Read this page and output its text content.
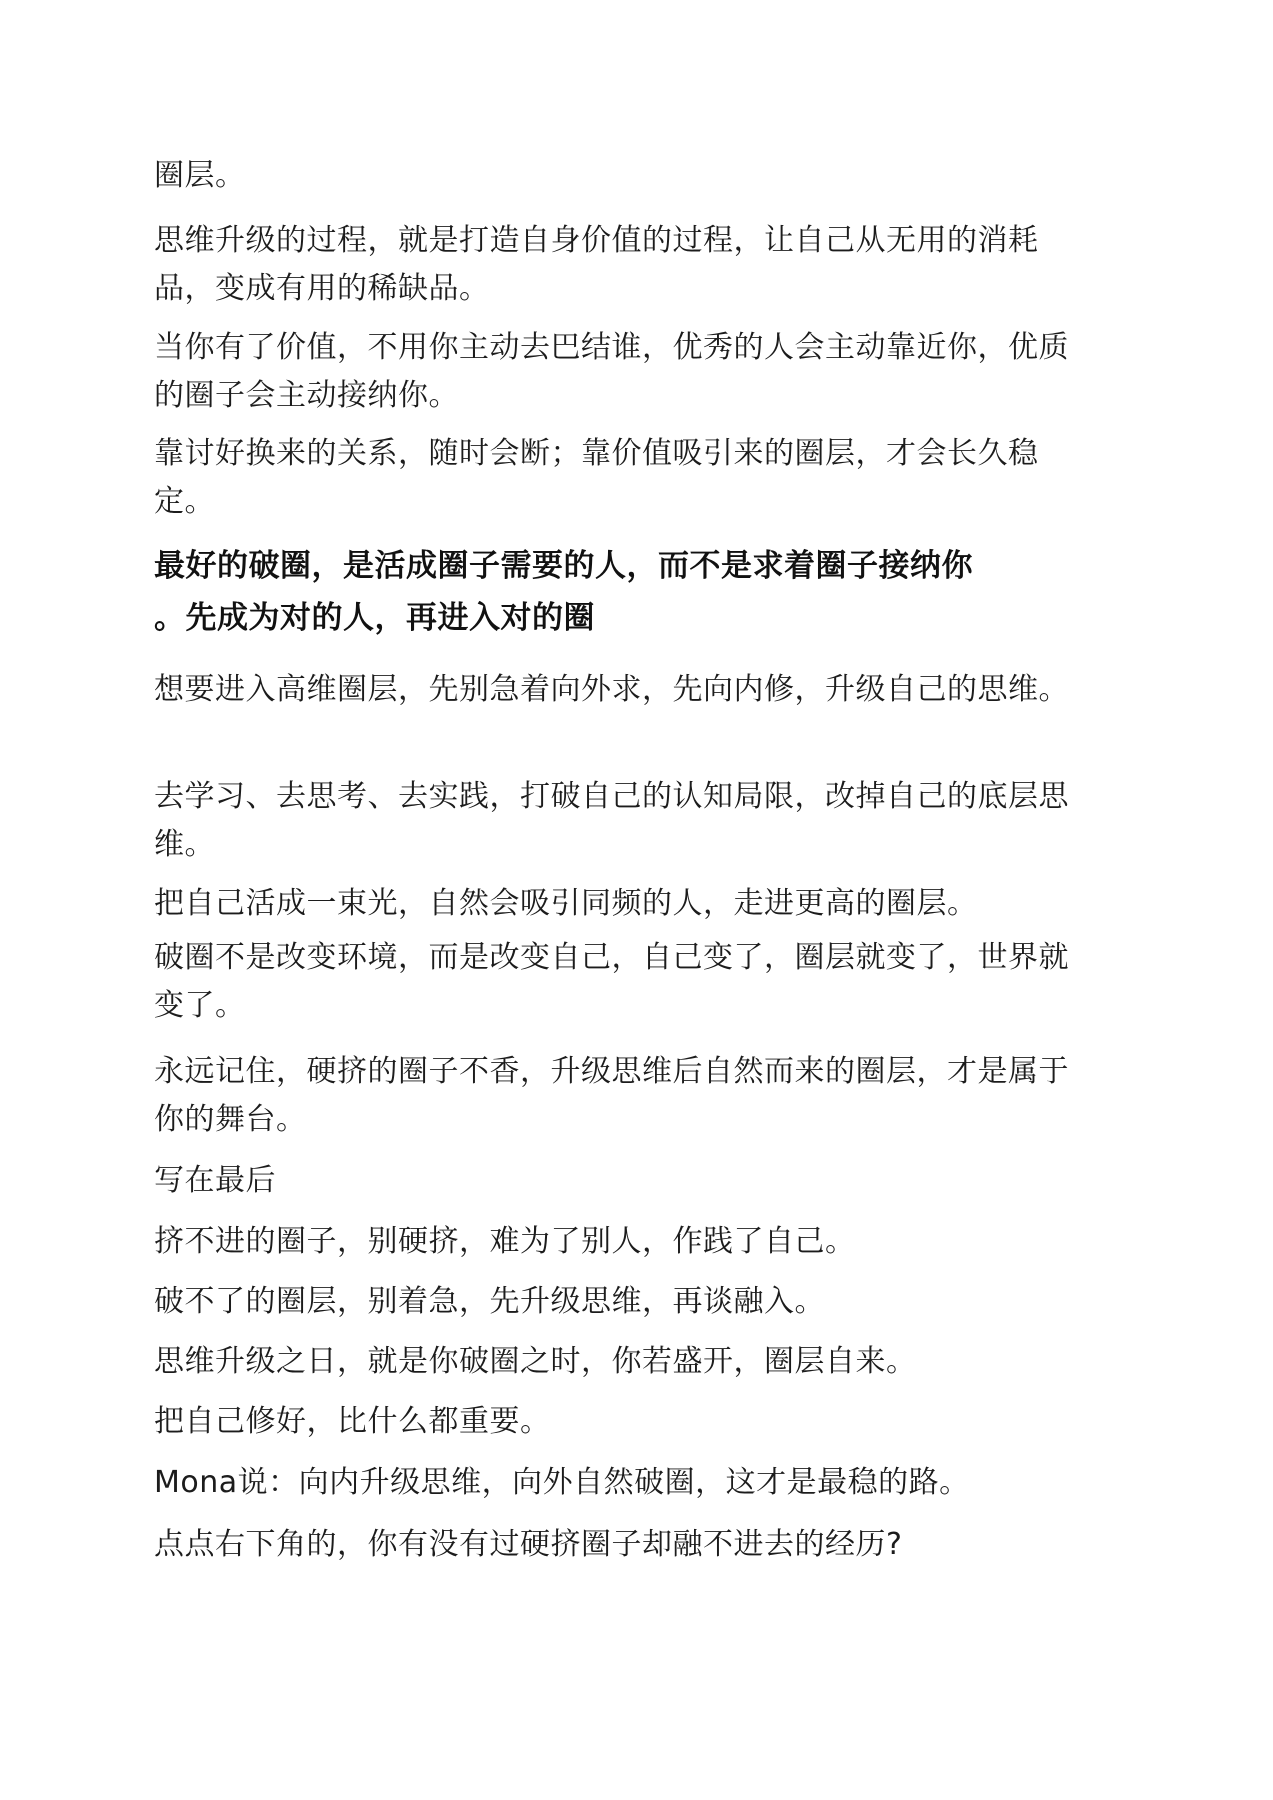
圈层。

思维升级的过程，就是打造自身价值的过程，让自己从无用的消耗品，变成有用的稀缺品。

当你有了价值，不用你主动去巴结谁，优秀的人会主动靠近你，优质的圈子会主动接纳你。

靠讨好换来的关系，随时会断；靠价值吸引来的圈层，才会长久稳定。

最好的破圈，是活成圈子需要的人，而不是求着圈子接纳你
。先成为对的人，再进入对的圈

想要进入高维圈层，先别急着向外求，先向内修，升级自己的思维。

去学习、去思考、去实践，打破自己的认知局限，改掉自己的底层思维。

把自己活成一束光，自然会吸引同频的人，走进更高的圈层。

破圈不是改变环境，而是改变自己，自己变了，圈层就变了，世界就变了。

永远记住，硬挤的圈子不香，升级思维后自然而来的圈层，才是属于你的舞台。

写在最后

挤不进的圈子，别硬挤，难为了别人，作践了自己。

破不了的圈层，别着急，先升级思维，再谈融入。

思维升级之日，就是你破圈之时，你若盛开，圈层自来。

把自己修好，比什么都重要。

Mona说：向内升级思维，向外自然破圈，这才是最稳的路。

点点右下角的，你有没有过硬挤圈子却融不进去的经历?
